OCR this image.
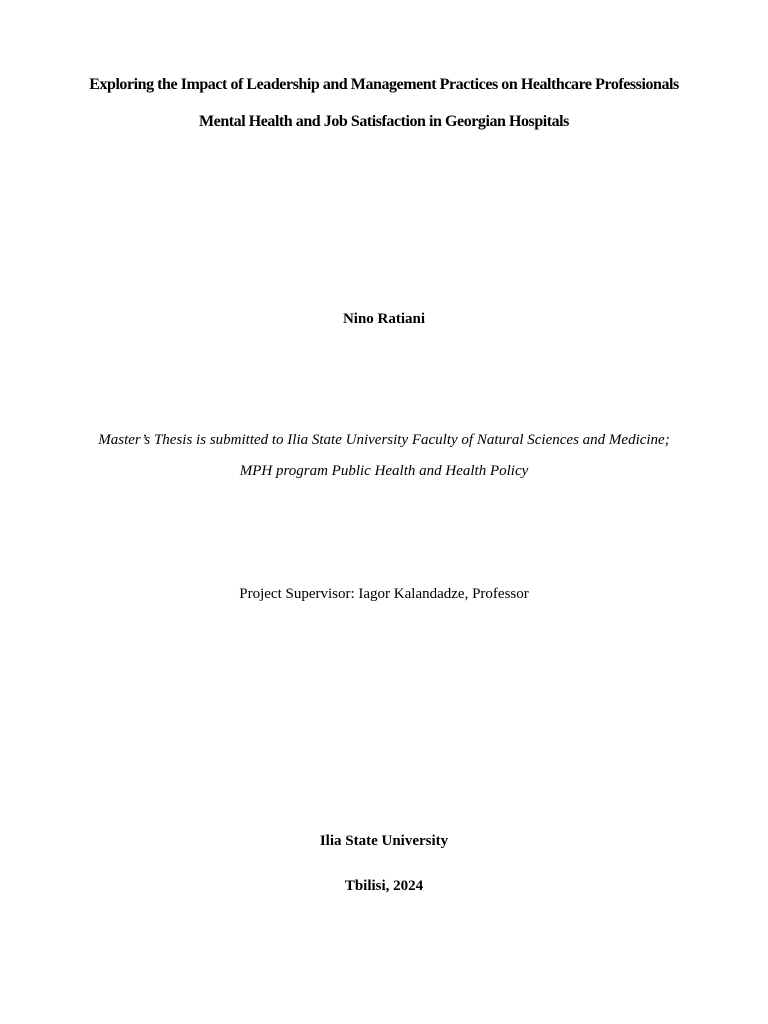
Exploring the Impact of Leadership and Management Practices on Healthcare Professionals
Mental Health and Job Satisfaction in Georgian Hospitals
Nino Ratiani
Master’s Thesis is submitted to Ilia State University Faculty of Natural Sciences and Medicine;
MPH program Public Health and Health Policy
Project Supervisor: Iagor Kalandadze, Professor
Ilia State University
Tbilisi, 2024
